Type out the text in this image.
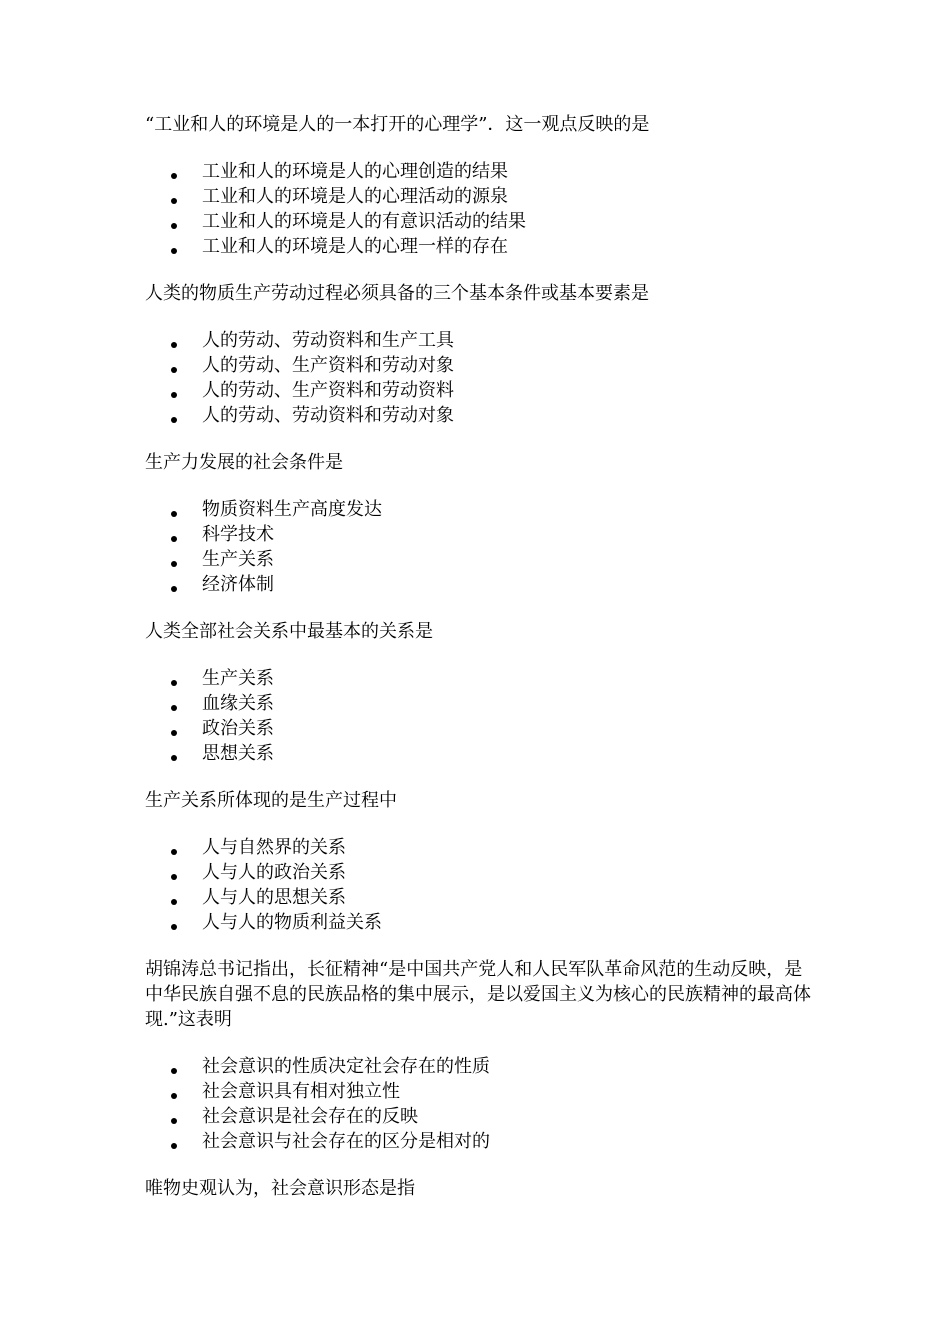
“工业和人的环境是人的一本打开的心理学”．这一观点反映的是

工业和人的环境是人的心理创造的结果
工业和人的环境是人的心理活动的源泉
工业和人的环境是人的有意识活动的结果
工业和人的环境是人的心理一样的存在

人类的物质生产劳动过程必须具备的三个基本条件或基本要素是

人的劳动、劳动资料和生产工具
人的劳动、生产资料和劳动对象
人的劳动、生产资料和劳动资料
人的劳动、劳动资料和劳动对象

生产力发展的社会条件是

物质资料生产高度发达
科学技术
生产关系
经济体制

人类全部社会关系中最基本的关系是

生产关系
血缘关系
政治关系
思想关系

生产关系所体现的是生产过程中

人与自然界的关系
人与人的政治关系
人与人的思想关系
人与人的物质利益关系

胡锦涛总书记指出，长征精神“是中国共产党人和人民军队革命风范的生动反映，是中华民族自强不息的民族品格的集中展示，是以爱国主义为核心的民族精神的最高体现.”这表明

社会意识的性质决定社会存在的性质
社会意识具有相对独立性
社会意识是社会存在的反映
社会意识与社会存在的区分是相对的

唯物史观认为，社会意识形态是指
